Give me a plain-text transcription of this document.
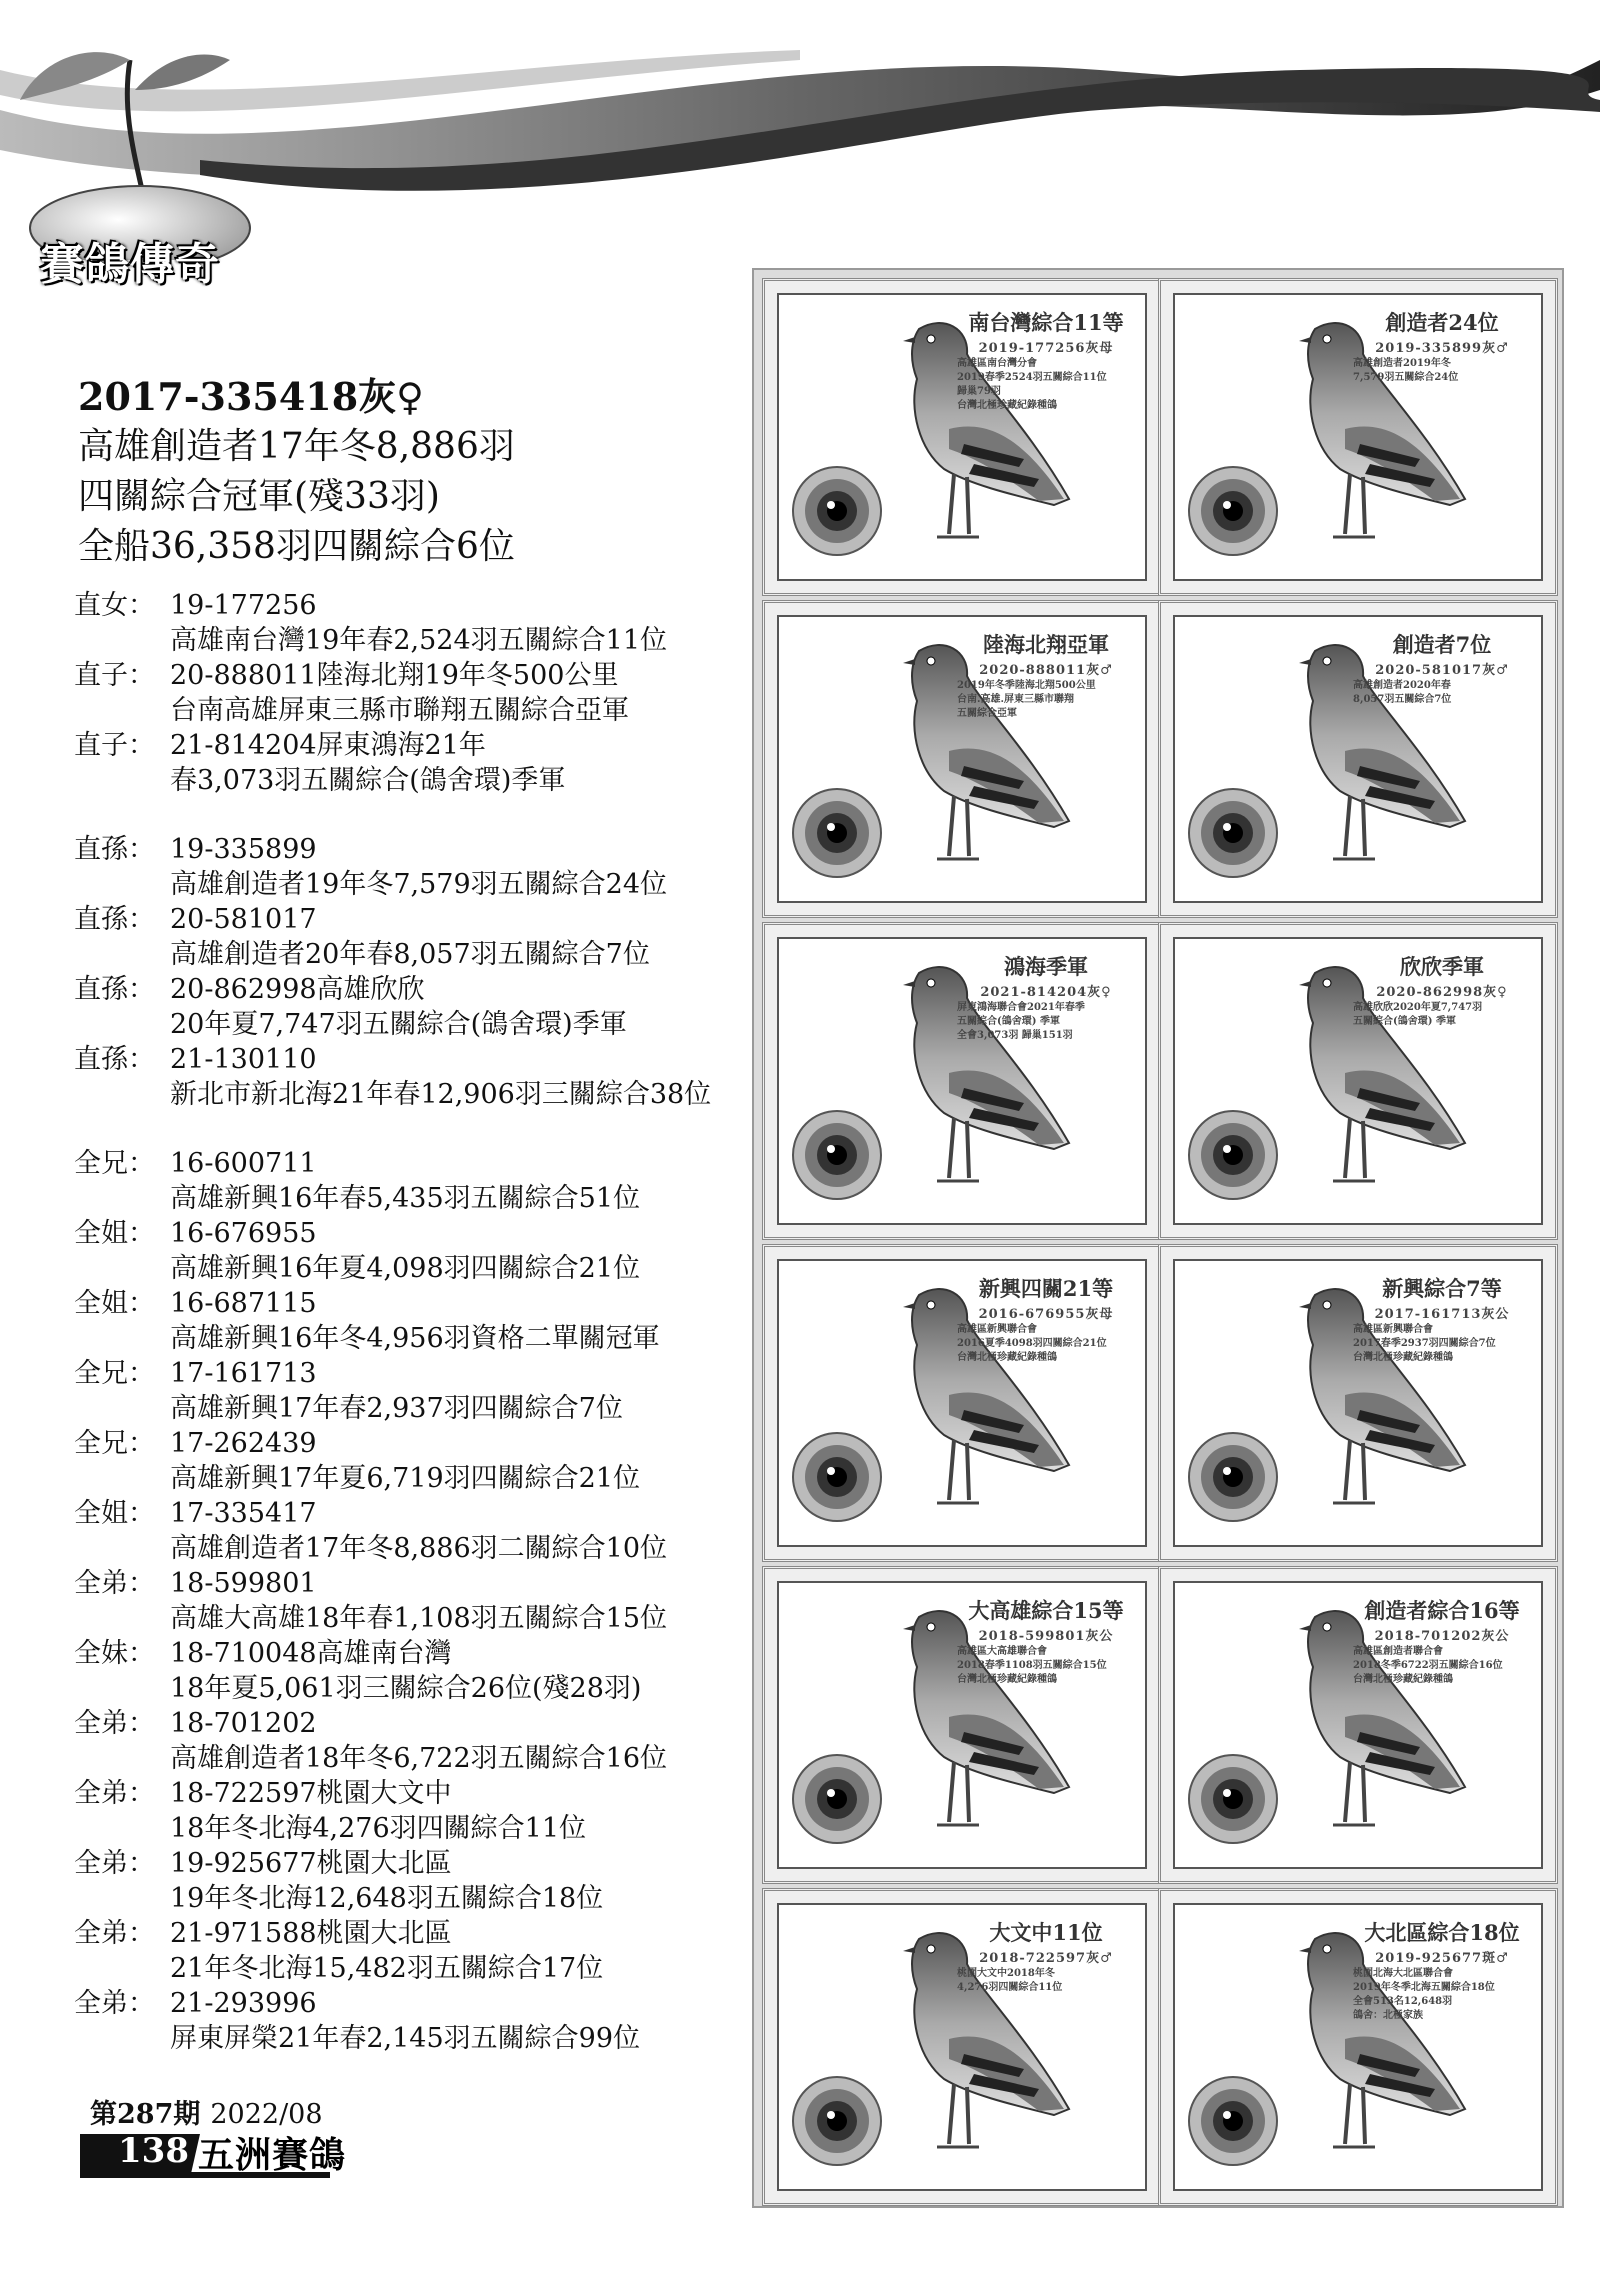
賽鴿傳奇
2017-335418灰♀
高雄創造者17年冬8,886羽
四關綜合冠軍(殘33羽)
全船36,358羽四關綜合6位
直女： 19-177256
高雄南台灣19年春2,524羽五關綜合11位
直子： 20-888011陸海北翔19年冬500公里
台南高雄屏東三縣市聯翔五關綜合亞軍
直子： 21-814204屏東鴻海21年
春3,073羽五關綜合(鴿舍環)季軍
直孫： 19-335899
高雄創造者19年冬7,579羽五關綜合24位
直孫： 20-581017
高雄創造者20年春8,057羽五關綜合7位
直孫： 20-862998高雄欣欣
20年夏7,747羽五關綜合(鴿舍環)季軍
直孫： 21-130110
新北市新北海21年春12,906羽三關綜合38位
全兄： 16-600711
高雄新興16年春5,435羽五關綜合51位
全姐： 16-676955
高雄新興16年夏4,098羽四關綜合21位
全姐： 16-687115
高雄新興16年冬4,956羽資格二單關冠軍
全兄： 17-161713
高雄新興17年春2,937羽四關綜合7位
全兄： 17-262439
高雄新興17年夏6,719羽四關綜合21位
全姐： 17-335417
高雄創造者17年冬8,886羽二關綜合10位
全弟： 18-599801
高雄大高雄18年春1,108羽五關綜合15位
全妹： 18-710048高雄南台灣
18年夏5,061羽三關綜合26位(殘28羽)
全弟： 18-701202
高雄創造者18年冬6,722羽五關綜合16位
全弟： 18-722597桃園大文中
18年冬北海4,276羽四關綜合11位
全弟： 19-925677桃園大北區
19年冬北海12,648羽五關綜合18位
全弟： 21-971588桃園大北區
21年冬北海15,482羽五關綜合17位
全弟： 21-293996
屏東屏榮21年春2,145羽五關綜合99位
南台灣綜合11等
2019-177256灰母
高雄區南台灣分會
2019春季2524羽五關綜合11位
歸巢79羽
台灣北極珍藏紀錄種鴿
創造者24位
2019-335899灰♂
高雄創造者2019年冬
7,579羽五關綜合24位
陸海北翔亞軍
2020-888011灰♂
2019年冬季陸海北翔500公里
台南.高雄.屏東三縣市聯翔
五關綜合亞軍
創造者7位
2020-581017灰♂
高雄創造者2020年春
8,057羽五關綜合7位
鴻海季軍
2021-814204灰♀
屏東鴻海聯合會2021年春季
五關綜合(鴿舍環) 季軍
全會3,073羽 歸巢151羽
欣欣季軍
2020-862998灰♀
高雄欣欣2020年夏7,747羽
五關綜合(鴿舍環) 季軍
新興四關21等
2016-676955灰母
高雄區新興聯合會
2016夏季4098羽四關綜合21位
台灣北極珍藏紀錄種鴿
新興綜合7等
2017-161713灰公
高雄區新興聯合會
2017春季2937羽四關綜合7位
台灣北極珍藏紀錄種鴿
大高雄綜合15等
2018-599801灰公
高雄區大高雄聯合會
2018春季1108羽五關綜合15位
台灣北極珍藏紀錄種鴿
創造者綜合16等
2018-701202灰公
高雄區創造者聯合會
2018冬季6722羽五關綜合16位
台灣北極珍藏紀錄種鴿
大文中11位
2018-722597灰♂
桃園大文中2018年冬
4,276羽四關綜合11位
大北區綜合18位
2019-925677斑♂
桃園北海大北區聯合會
2019年冬季北海五關綜合18位
全會513名12,648羽
鴿舍：北極家族
第287期 2022/08
138 五洲賽鴿
